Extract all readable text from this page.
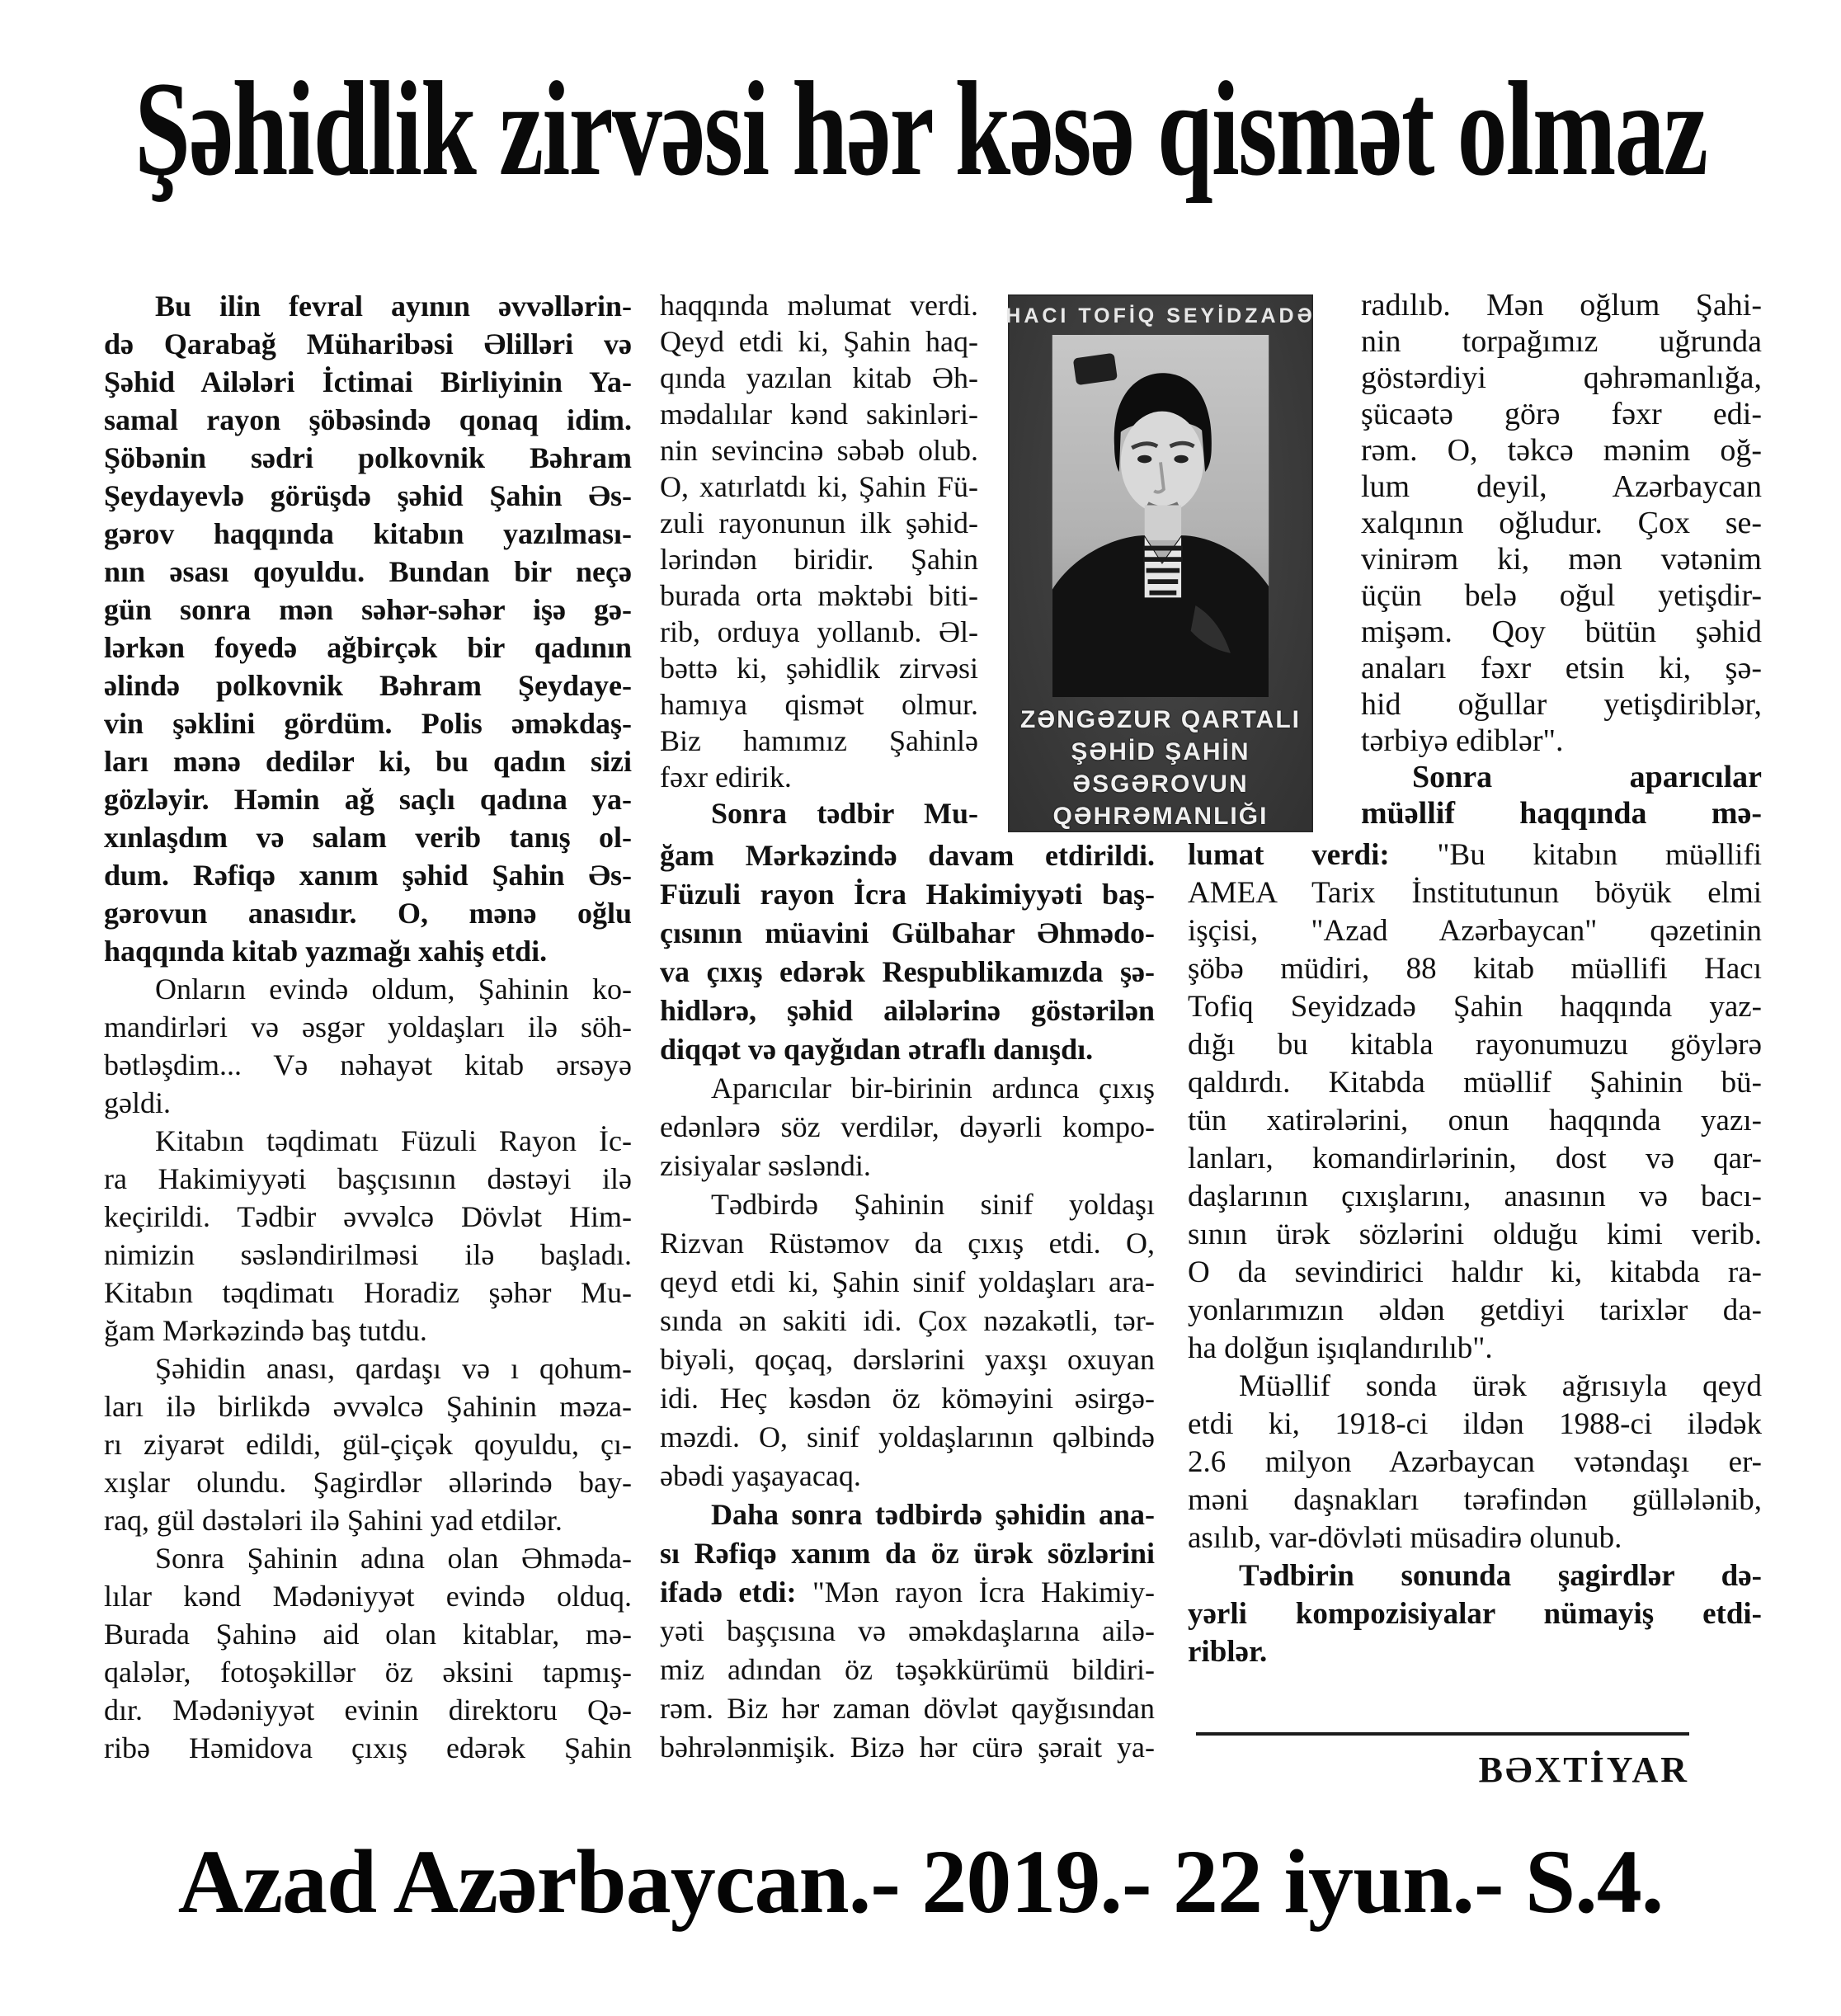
Şəhidlik zirvəsi hər kəsə qismət olmaz
Bu ilin fevral ayının əvvəllərin-
də Qarabağ Müharibəsi Əlilləri və
Şəhid Ailələri İctimai Birliyinin Ya-
samal rayon şöbəsində qonaq idim.
Şöbənin sədri polkovnik Bəhram
Şeydayevlə görüşdə şəhid Şahin Əs-
gərov haqqında kitabın yazılması-
nın əsası qoyuldu. Bundan bir neçə
gün sonra mən səhər-səhər işə gə-
lərkən foyedə ağbirçək bir qadının
əlində polkovnik Bəhram Şeydaye-
vin şəklini gördüm. Polis əməkdaş-
ları mənə dedilər ki, bu qadın sizi
gözləyir. Həmin ağ saçlı qadına ya-
xınlaşdım və salam verib tanış ol-
dum. Rəfiqə xanım şəhid Şahin Əs-
gərovun anasıdır. O, mənə oğlu
haqqında kitab yazmağı xahiş etdi.
Onların evində oldum, Şahinin ko-
mandirləri və əsgər yoldaşları ilə söh-
bətləşdim... Və nəhayət kitab ərsəyə
gəldi.
Kitabın təqdimatı Füzuli Rayon İc-
ra Hakimiyyəti başçısının dəstəyi ilə
keçirildi. Tədbir əvvəlcə Dövlət Him-
nimizin səsləndirilməsi ilə başladı.
Kitabın təqdimatı Horadiz şəhər Mu-
ğam Mərkəzində baş tutdu.
Şəhidin anası, qardaşı və ı qohum-
ları ilə birlikdə əvvəlcə Şahinin məza-
rı ziyarət edildi, gül-çiçək qoyuldu, çı-
xışlar olundu. Şagirdlər əllərində bay-
raq, gül dəstələri ilə Şahini yad etdilər.
Sonra Şahinin adına olan Əhməda-
lılar kənd Mədəniyyət evində olduq.
Burada Şahinə aid olan kitablar, mə-
qalələr, fotoşəkillər öz əksini tapmış-
dır. Mədəniyyət evinin direktoru Qə-
ribə Həmidova çıxış edərək Şahin
haqqında məlumat verdi.
Qeyd etdi ki, Şahin haq-
qında yazılan kitab Əh-
mədalılar kənd sakinləri-
nin sevincinə səbəb olub.
O, xatırlatdı ki, Şahin Fü-
zuli rayonunun ilk şəhid-
lərindən biridir. Şahin
burada orta məktəbi biti-
rib, orduya yollanıb. Əl-
bəttə ki, şəhidlik zirvəsi
hamıya qismət olmur.
Biz hamımız Şahinlə
fəxr edirik.
Sonra tədbir Mu-
ğam Mərkəzində davam etdirildi.
Füzuli rayon İcra Hakimiyyəti baş-
çısının müavini Gülbahar Əhmədo-
va çıxış edərək Respublikamızda şə-
hidlərə, şəhid ailələrinə göstərilən
diqqət və qayğıdan ətraflı danışdı.
Aparıcılar bir-birinin ardınca çıxış
edənlərə söz verdilər, dəyərli kompo-
zisiyalar səsləndi.
Tədbirdə Şahinin sinif yoldaşı
Rizvan Rüstəmov da çıxış etdi. O,
qeyd etdi ki, Şahin sinif yoldaşları ara-
sında ən sakiti idi. Çox nəzakətli, tər-
biyəli, qoçaq, dərslərini yaxşı oxuyan
idi. Heç kəsdən öz köməyini əsirgə-
məzdi. O, sinif yoldaşlarının qəlbində
əbədi yaşayacaq.
Daha sonra tədbirdə şəhidin ana-
sı Rəfiqə xanım da öz ürək sözlərini
ifadə etdi: "Mən rayon İcra Hakimiy-
yəti başçısına və əməkdaşlarına ailə-
miz adından öz təşəkkürümü bildiri-
rəm. Biz hər zaman dövlət qayğısından
bəhrələnmişik. Bizə hər cürə şərait ya-
radılıb. Mən oğlum Şahi-
nin torpağımız uğrunda
göstərdiyi qəhrəmanlığa,
şücaətə görə fəxr edi-
rəm. O, təkcə mənim oğ-
lum deyil, Azərbaycan
xalqının oğludur. Çox se-
vinirəm ki, mən vətənim
üçün belə oğul yetişdir-
mişəm. Qoy bütün şəhid
anaları fəxr etsin ki, şə-
hid oğullar yetişdiriblər,
tərbiyə ediblər".
Sonra aparıcılar
müəllif haqqında mə-
lumat verdi: "Bu kitabın müəllifi
AMEA Tarix İnstitutunun böyük elmi
işçisi, "Azad Azərbaycan" qəzetinin
şöbə müdiri, 88 kitab müəllifi Hacı
Tofiq Seyidzadə Şahin haqqında yaz-
dığı bu kitabla rayonumuzu göylərə
qaldırdı. Kitabda müəllif Şahinin bü-
tün xatirələrini, onun haqqında yazı-
lanları, komandirlərinin, dost və qar-
daşlarının çıxışlarını, anasının və bacı-
sının ürək sözlərini olduğu kimi verib.
O da sevindirici haldır ki, kitabda ra-
yonlarımızın əldən getdiyi tarixlər da-
ha dolğun işıqlandırılıb".
Müəllif sonda ürək ağrısıyla qeyd
etdi ki, 1918-ci ildən 1988-ci ilədək
2.6 milyon Azərbaycan vətəndaşı er-
məni daşnakları tərəfindən güllələnib,
asılıb, var-dövləti müsadirə olunub.
Tədbirin sonunda şagirdlər də-
yərli kompozisiyalar nümayiş etdi-
riblər.
HACI TOFİQ SEYİDZADƏ
ZƏNGƏZUR QARTALI
ŞƏHİD ŞAHİN ƏSGƏROVUN
QƏHRƏMANLIĞI
BƏXTİYAR
Azad Azərbaycan.- 2019.- 22 iyun.- S.4.
